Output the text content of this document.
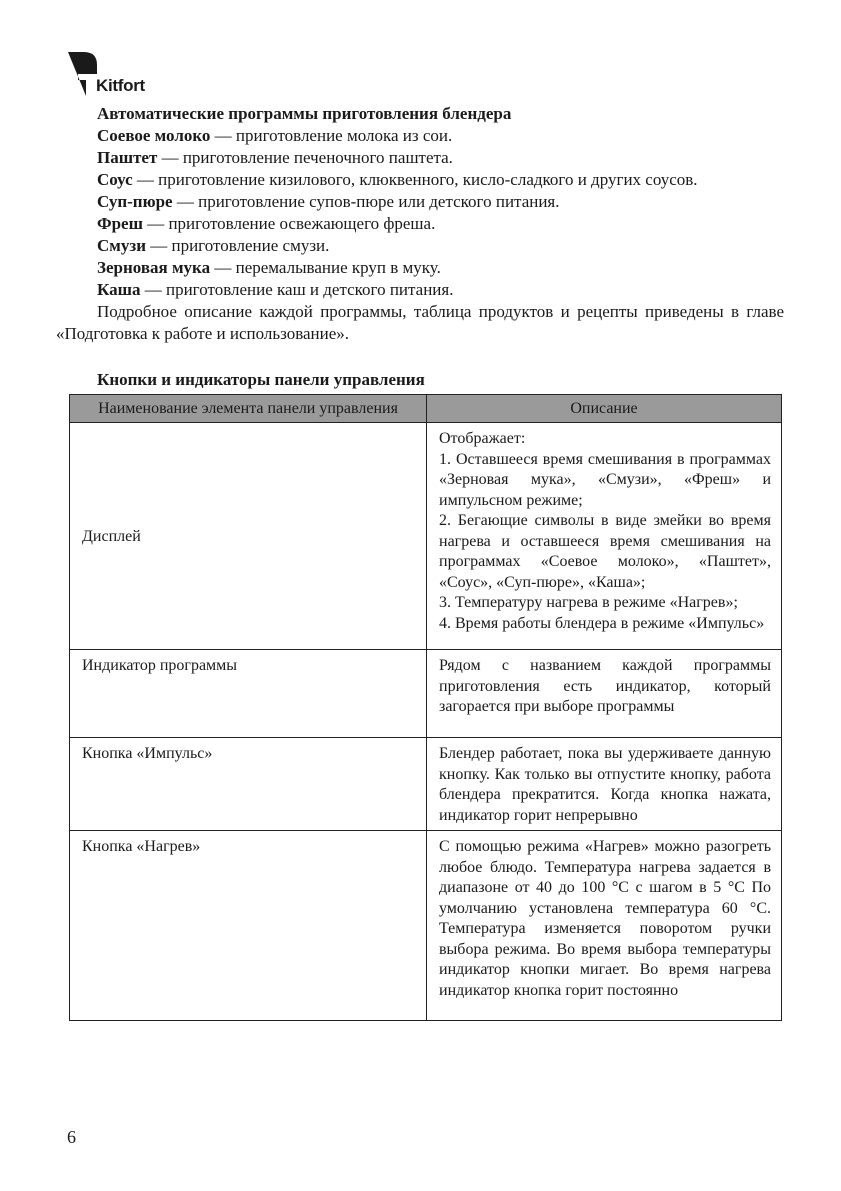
Kitfort

Автоматические программы приготовления блендера

Соевое молоко — приготовление молока из сои.

Паштет — приготовление печеночного паштета.

Соус — приготовление кизилового, клюквенного, кисло-сладкого и других соусов.

Суп-пюре — приготовление супов-пюре или детского питания.

Фреш — приготовление освежающего фреша.

Смузи — приготовление смузи.

Зерновая мука — перемалывание круп в муку.

Каша — приготовление каш и детского питания.

Подробное описание каждой программы, таблица продуктов и рецепты приведены в главе «Подготовка к работе и использование».

Кнопки и индикаторы панели управления
Наименование элемента панели управления	Описание
Дисплей	Отображает:

1. Оставшееся время смешивания в программах «Зерновая мука», «Смузи», «Фреш» и импульсном режиме;

2. Бегающие символы в виде змейки во время нагрева и оставшееся время смешивания на программах «Соевое молоко», «Паштет», «Соус», «Суп-пюре», «Каша»;

3. Температуру нагрева в режиме «Нагрев»;

4. Время работы блендера в режиме «Импульс»

Индикатор программы	Рядом с названием каждой программы приготовления есть индикатор, который загорается при выборе программы

Кнопка «Импульс»	Блендер работает, пока вы удерживаете данную кнопку. Как только вы отпустите кнопку, работа блендера прекратится. Когда кнопка нажата, индикатор горит непрерывно

Кнопка «Нагрев»	С помощью режима «Нагрев» можно разогреть любое блюдо. Температура нагрева задается в диапазоне от 40 до 100 °С с шагом в 5 °С По умолчанию установлена температура 60 °С. Температура изменяется поворотом ручки выбора режима. Во время выбора температуры индикатор кнопки мигает. Во время нагрева индикатор кнопка горит постоянно

6
